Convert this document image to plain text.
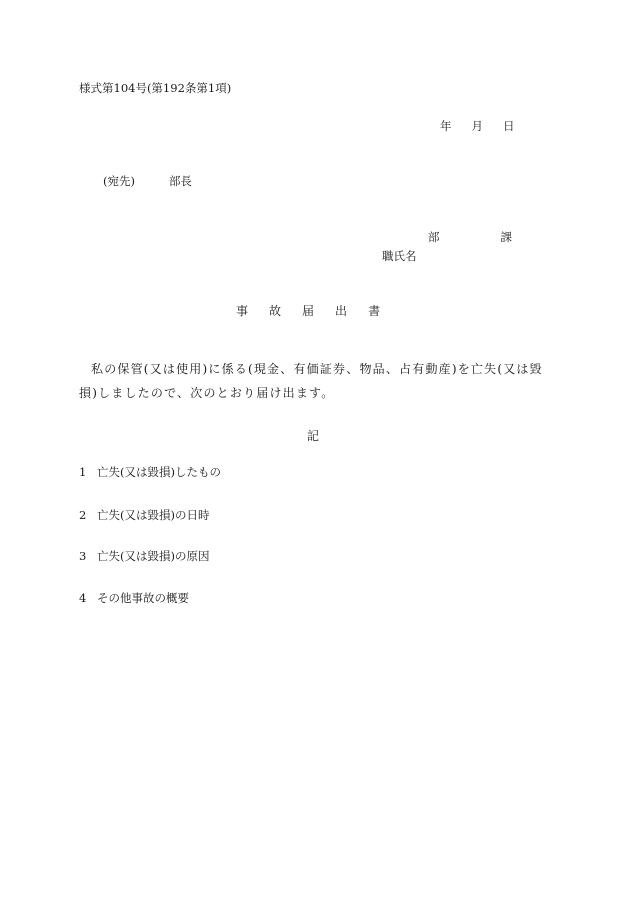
様式第104号(第192条第1項)
年 月 日
(宛先)	部長
部	課
職氏名
事 故 届 出 書
私の保管(又は使用)に係る(現金、有価証券、物品、占有動産)を亡失(又は毀損)しましたので、次のとおり届け出ます。
記
1 亡失(又は毀損)したもの
2 亡失(又は毀損)の日時
3 亡失(又は毀損)の原因
4 その他事故の概要
